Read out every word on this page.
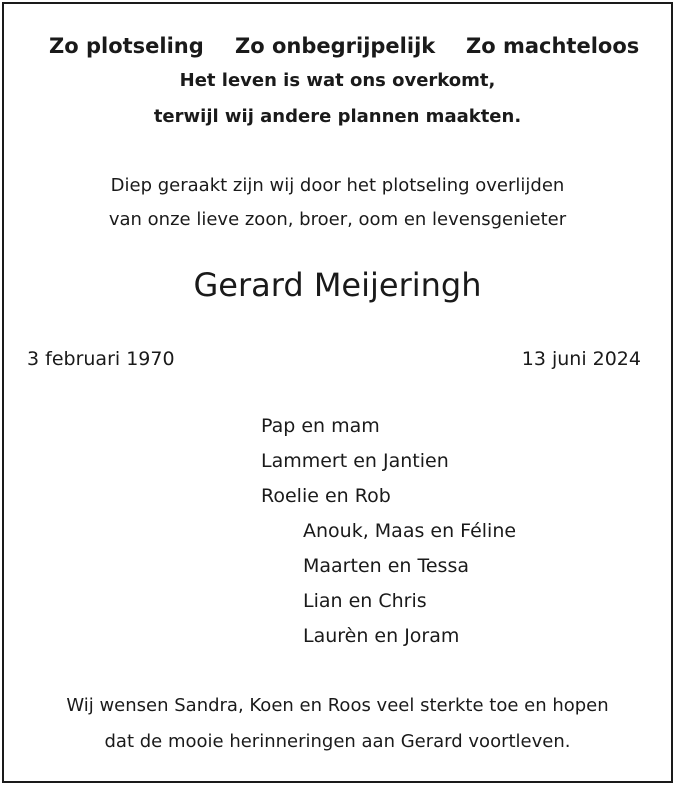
Zo plotseling Zo onbegrijpelijk Zo machteloos
Het leven is wat ons overkomt,
terwijl wij andere plannen maakten.
Diep geraakt zijn wij door het plotseling overlijden
van onze lieve zoon, broer, oom en levensgenieter
Gerard Meijeringh
3 februari 1970	13 juni 2024
Pap en mam
Lammert en Jantien
Roelie en Rob
Anouk, Maas en Féline
Maarten en Tessa
Lian en Chris
Laurèn en Joram
Wij wensen Sandra, Koen en Roos veel sterkte toe en hopen
dat de mooie herinneringen aan Gerard voortleven.
